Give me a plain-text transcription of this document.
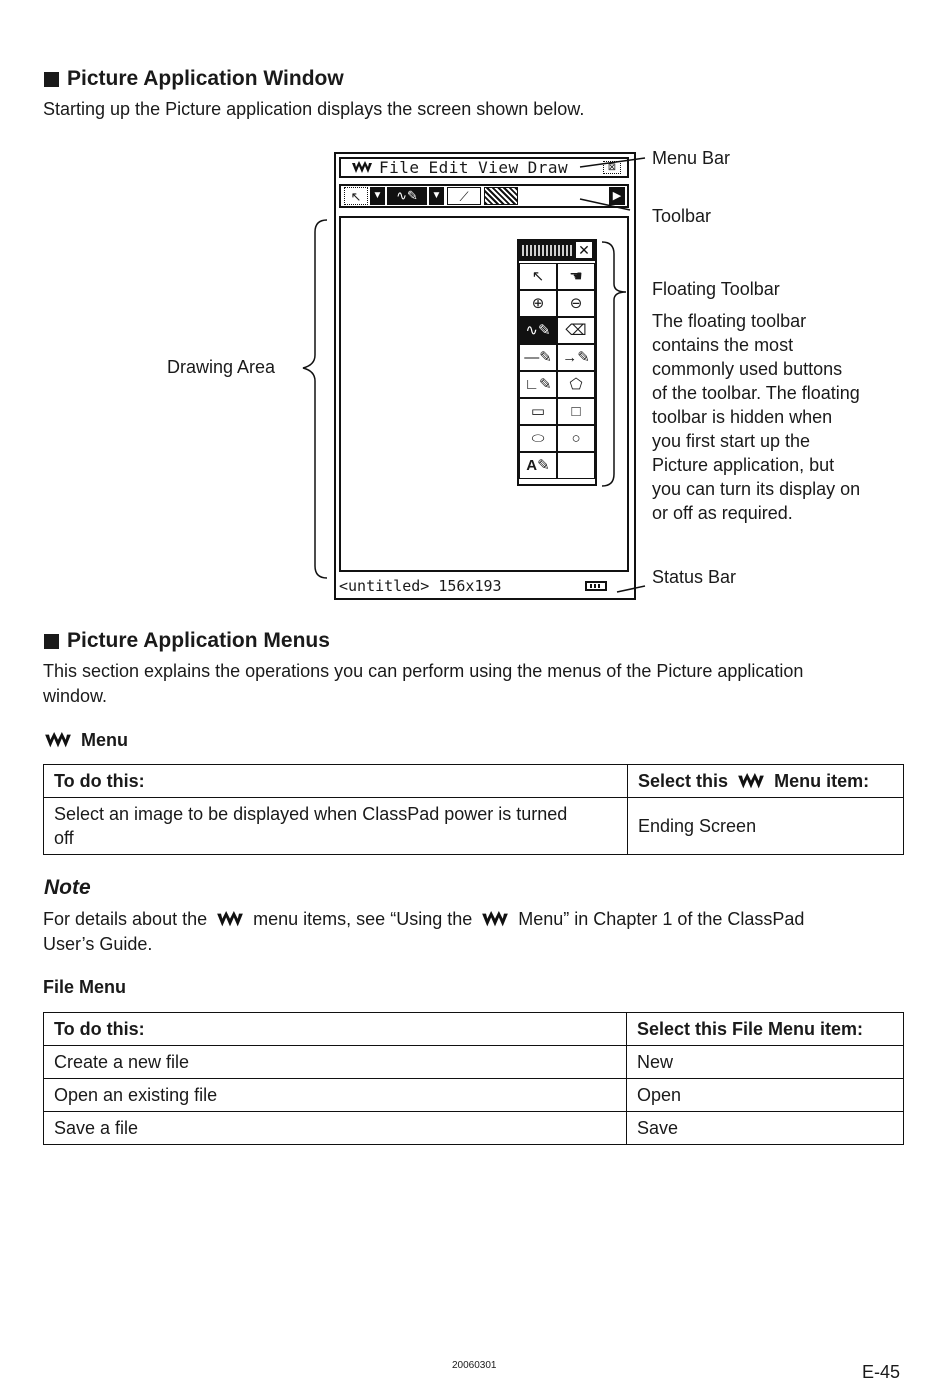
Picture Application Window
Starting up the Picture application displays the screen shown below.
File Edit View Draw	⊠
↖	▼	∿✎	▼	⟋	▶
<untitled> 156x193
✕
↖	☚
⊕	⊖
∿✎ ⌫
—✎ →✎
∟✎	⬠
▭	□
⬭	○
A✎
Menu Bar
Toolbar
Floating Toolbar
The floating toolbar
contains the most
commonly used buttons
of the toolbar. The floating
toolbar is hidden when
you first start up the
Picture application, but
you can turn its display on
or off as required.
Drawing Area
Status Bar
Picture Application Menus
This section explains the operations you can perform using the menus of the Picture application
window.
Menu
To do this:	Select this Menu item:

Select an image to be displayed when ClassPad power is turned
off	Ending Screen
Note
For details about the	menu items, see “Using the	Menu” in Chapter 1 of the ClassPad
User’s Guide.
File Menu
To do this:	Select this File Menu item:
Create a new file	New
Open an existing file	Open
Save a file	Save
20060301	E-45
